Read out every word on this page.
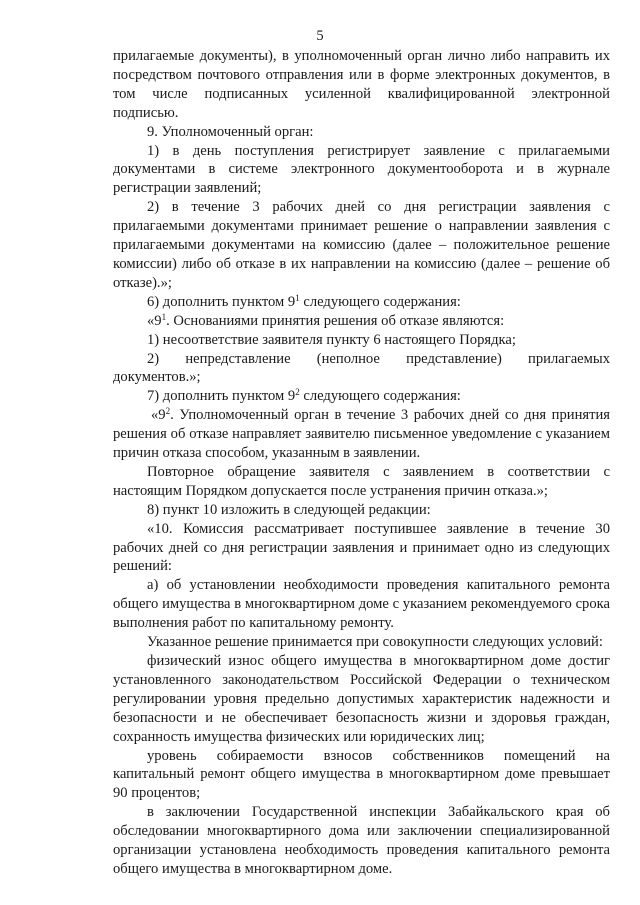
5

прилагаемые документы), в уполномоченный орган лично либо направить их посредством почтового отправления или в форме электронных документов, в том числе подписанных усиленной квалифицированной электронной подписью.

9. Уполномоченный орган:

1) в день поступления регистрирует заявление с прилагаемыми документами в системе электронного документооборота и в журнале регистрации заявлений;

2) в течение 3 рабочих дней со дня регистрации заявления с прилагаемыми документами принимает решение о направлении заявления с прилагаемыми документами на комиссию (далее – положительное решение комиссии) либо об отказе в их направлении на комиссию (далее – решение об отказе).»;

6) дополнить пунктом $9^1$ следующего содержания:

«$9^1$. Основаниями принятия решения об отказе являются:

1) несоответствие заявителя пункту 6 настоящего Порядка;

2) непредставление (неполное представление) прилагаемых документов.»;

7) дополнить пунктом $9^2$ следующего содержания:

«$9^2$. Уполномоченный орган в течение 3 рабочих дней со дня принятия решения об отказе направляет заявителю письменное уведомление с указанием причин отказа способом, указанным в заявлении.

Повторное обращение заявителя с заявлением в соответствии с настоящим Порядком допускается после устранения причин отказа.»;

8) пункт 10 изложить в следующей редакции:

«10. Комиссия рассматривает поступившее заявление в течение 30 рабочих дней со дня регистрации заявления и принимает одно из следующих решений:

а) об установлении необходимости проведения капитального ремонта общего имущества в многоквартирном доме с указанием рекомендуемого срока выполнения работ по капитальному ремонту.

Указанное решение принимается при совокупности следующих условий:

физический износ общего имущества в многоквартирном доме достиг установленного законодательством Российской Федерации о техническом регулировании уровня предельно допустимых характеристик надежности и безопасности и не обеспечивает безопасность жизни и здоровья граждан, сохранность имущества физических или юридических лиц;

уровень собираемости взносов собственников помещений на капитальный ремонт общего имущества в многоквартирном доме превышает 90 процентов;

в заключении Государственной инспекции Забайкальского края об обследовании многоквартирного дома или заключении специализированной организации установлена необходимость проведения капитального ремонта общего имущества в многоквартирном доме.
